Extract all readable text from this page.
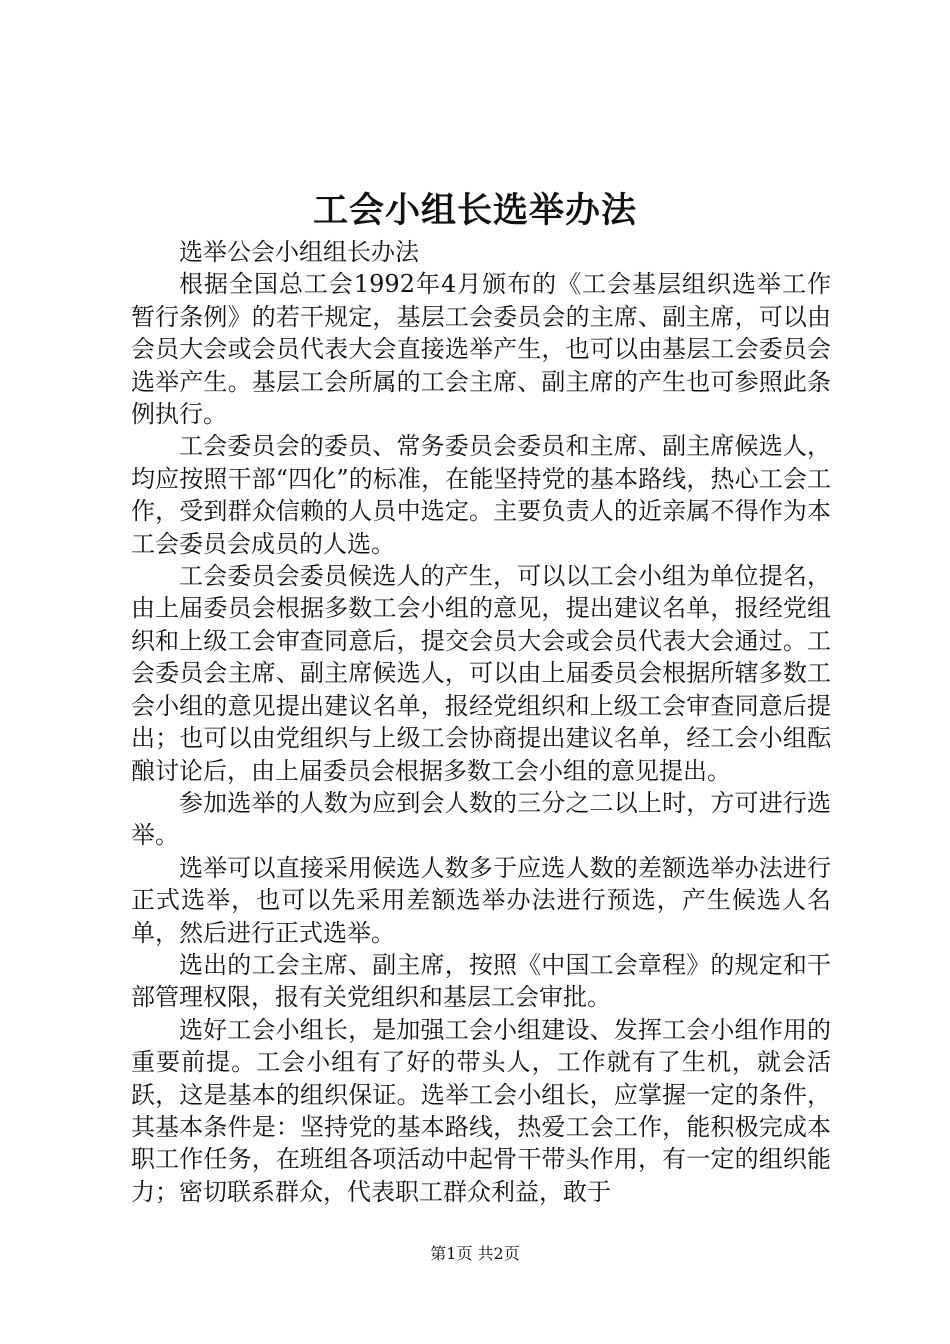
工会小组长选举办法

选举公会小组组长办法

根据全国总工会1992年4月颁布的《工会基层组织选举工作暂行条例》的若干规定，基层工会委员会的主席、副主席，可以由会员大会或会员代表大会直接选举产生，也可以由基层工会委员会选举产生。基层工会所属的工会主席、副主席的产生也可参照此条例执行。

工会委员会的委员、常务委员会委员和主席、副主席候选人，均应按照干部“四化”的标准，在能坚持党的基本路线，热心工会工作，受到群众信赖的人员中选定。主要负责人的近亲属不得作为本工会委员会成员的人选。

工会委员会委员候选人的产生，可以以工会小组为单位提名，由上届委员会根据多数工会小组的意见，提出建议名单，报经党组织和上级工会审查同意后，提交会员大会或会员代表大会通过。工会委员会主席、副主席候选人，可以由上届委员会根据所辖多数工会小组的意见提出建议名单，报经党组织和上级工会审查同意后提出；也可以由党组织与上级工会协商提出建议名单，经工会小组酝酿讨论后，由上届委员会根据多数工会小组的意见提出。

参加选举的人数为应到会人数的三分之二以上时，方可进行选举。

选举可以直接采用候选人数多于应选人数的差额选举办法进行正式选举，也可以先采用差额选举办法进行预选，产生候选人名单，然后进行正式选举。

选出的工会主席、副主席，按照《中国工会章程》的规定和干部管理权限，报有关党组织和基层工会审批。

选好工会小组长，是加强工会小组建设、发挥工会小组作用的重要前提。工会小组有了好的带头人，工作就有了生机，就会活跃，这是基本的组织保证。选举工会小组长，应掌握一定的条件，其基本条件是：坚持党的基本路线，热爱工会工作，能积极完成本职工作任务，在班组各项活动中起骨干带头作用，有一定的组织能力；密切联系群众，代表职工群众利益，敢于

第1页 共2页
